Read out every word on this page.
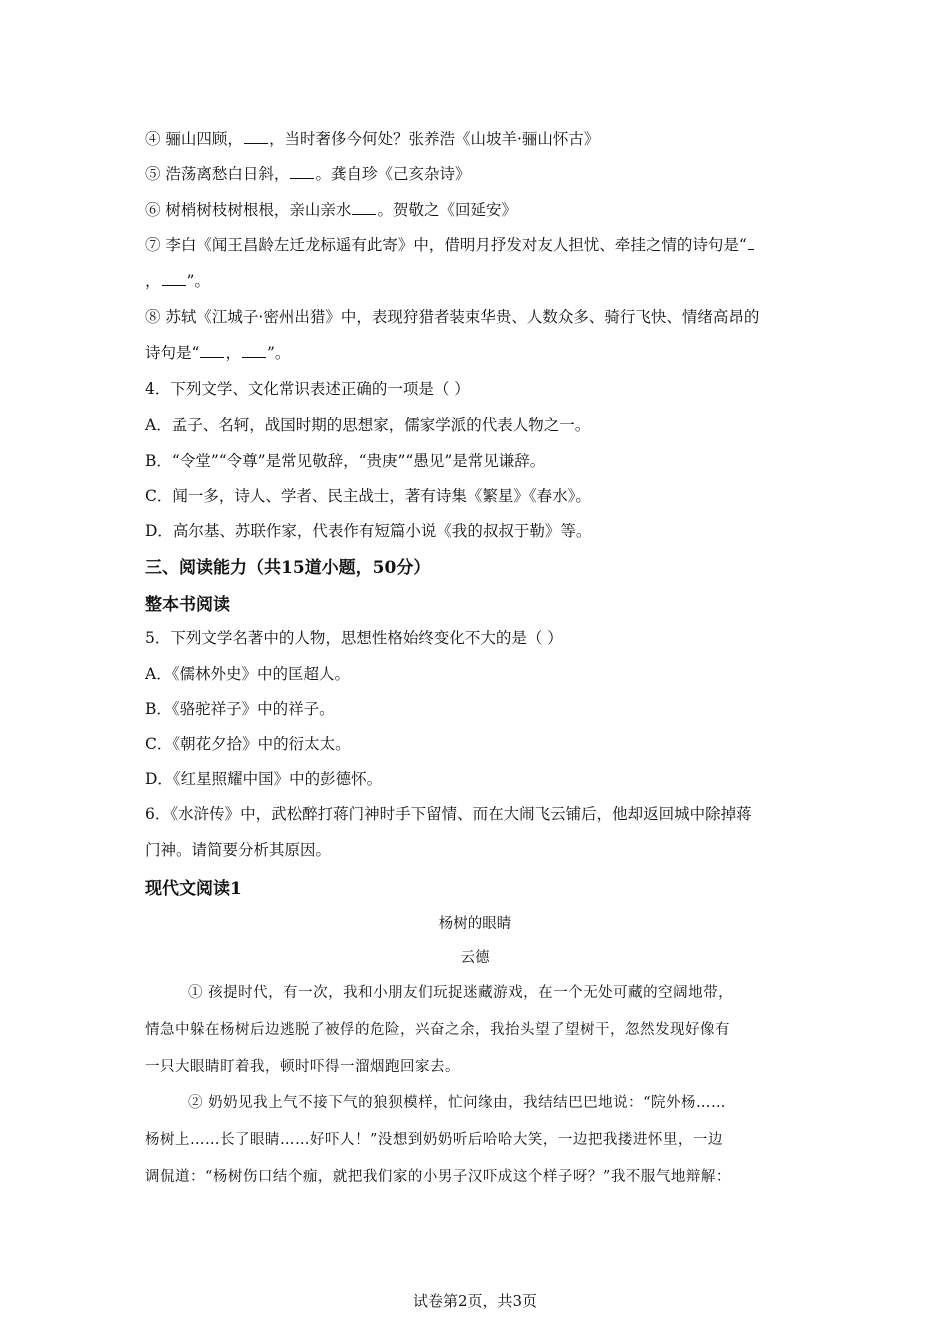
④ 骊山四顾， ，当时奢侈今何处？张养浩《山坡羊·骊山怀古》
⑤ 浩荡离愁白日斜， 。龚自珍《己亥杂诗》
⑥ 树梢树枝树根根，亲山亲水 。贺敬之《回延安》
⑦ 李白《闻王昌龄左迁龙标遥有此寄》中，借明月抒发对友人担忧、牵挂之情的诗句是“
， ”。
⑧ 苏轼《江城子·密州出猎》中，表现狩猎者装束华贵、人数众多、骑行飞快、情绪高昂的
诗句是“ ， ”。
4．下列文学、文化常识表述正确的一项是（ ）
A．孟子、名轲，战国时期的思想家，儒家学派的代表人物之一。
B．“令堂”“令尊”是常见敬辞，“贵庚”“愚见”是常见谦辞。
C．闻一多，诗人、学者、民主战士，著有诗集《繁星》《春水》。
D．高尔基、苏联作家，代表作有短篇小说《我的叔叔于勒》等。
三、阅读能力（共15道小题，50分）
整本书阅读
5．下列文学名著中的人物，思想性格始终变化不大的是（ ）
A．《儒林外史》中的匡超人。
B．《骆驼祥子》中的祥子。
C．《朝花夕拾》中的衍太太。
D．《红星照耀中国》中的彭德怀。
6．《水浒传》中，武松醉打蒋门神时手下留情、而在大闹飞云铺后，他却返回城中除掉蒋
门神。请简要分析其原因。
现代文阅读1
杨树的眼睛
云德
① 孩提时代，有一次，我和小朋友们玩捉迷藏游戏，在一个无处可藏的空阔地带，
情急中躲在杨树后边逃脱了被俘的危险，兴奋之余，我抬头望了望树干，忽然发现好像有
一只大眼睛盯着我，顿时吓得一溜烟跑回家去。
② 奶奶见我上气不接下气的狼狈模样，忙问缘由，我结结巴巴地说：“院外杨……
杨树上……长了眼睛……好吓人！”没想到奶奶听后哈哈大笑，一边把我搂进怀里，一边
调侃道：“杨树伤口结个痂，就把我们家的小男子汉吓成这个样子呀？”我不服气地辩解：
试卷第2页，共3页
